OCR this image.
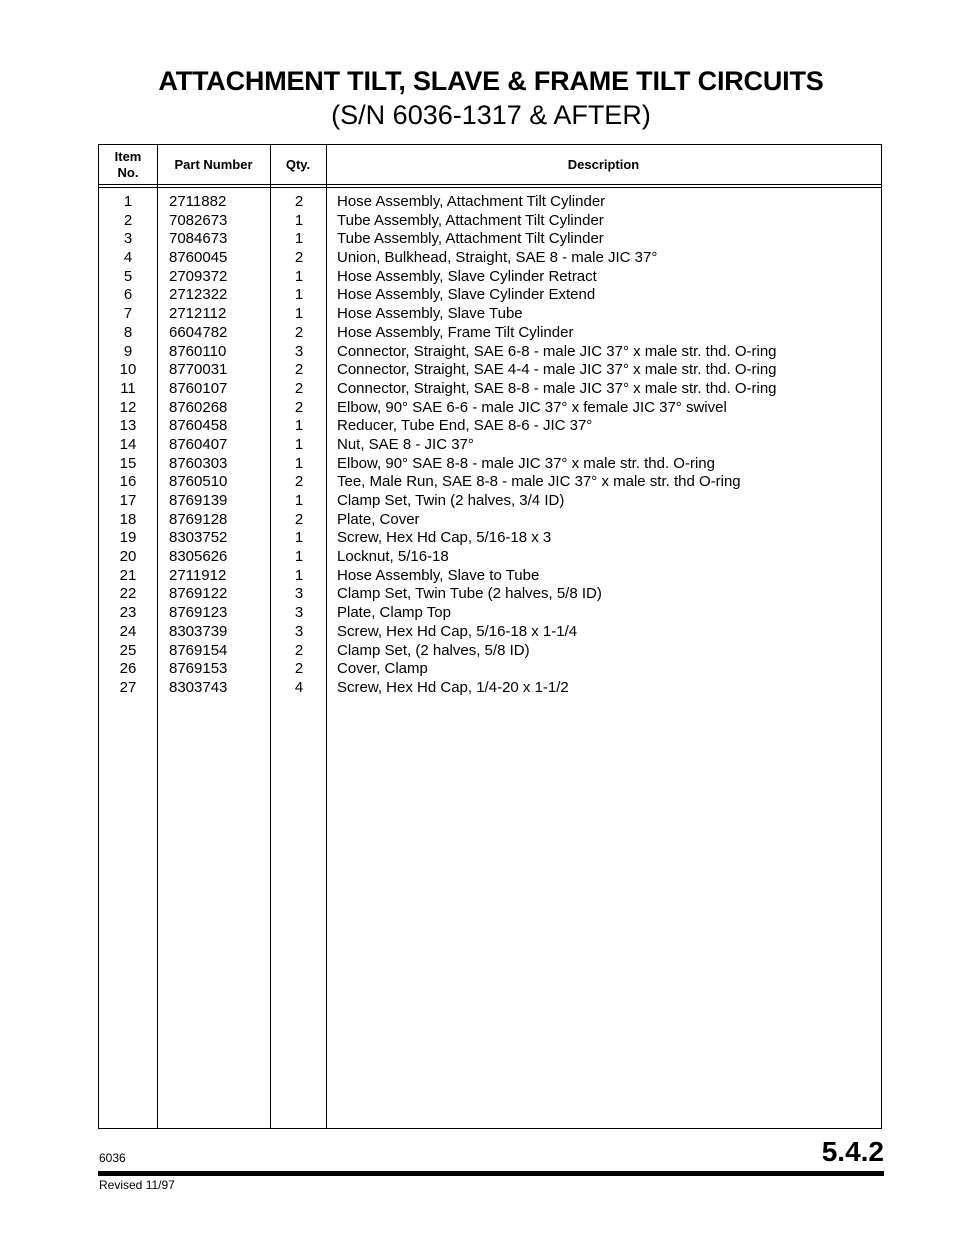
ATTACHMENT TILT, SLAVE & FRAME TILT CIRCUITS
(S/N 6036-1317 & AFTER)
Item
No.
Part Number	Qty.	Description
1	2711882	2	Hose Assembly, Attachment Tilt Cylinder
2	7082673	1	Tube Assembly, Attachment Tilt Cylinder
3	7084673	1	Tube Assembly, Attachment Tilt Cylinder
4	8760045	2	Union, Bulkhead, Straight, SAE 8 - male JIC 37°
5	2709372	1	Hose Assembly, Slave Cylinder Retract
6	2712322	1	Hose Assembly, Slave Cylinder Extend
7	2712112	1	Hose Assembly, Slave Tube
8	6604782	2	Hose Assembly, Frame Tilt Cylinder
9	8760110	3	Connector, Straight, SAE 6-8 - male JIC 37° x male str. thd. O-ring
10	8770031	2	Connector, Straight, SAE 4-4 - male JIC 37° x male str. thd. O-ring
11	8760107	2	Connector, Straight, SAE 8-8 - male JIC 37° x male str. thd. O-ring
12	8760268	2	Elbow, 90° SAE 6-6 - male JIC 37° x female JIC 37° swivel
13	8760458	1	Reducer, Tube End, SAE 8-6 - JIC 37°
14	8760407	1	Nut, SAE 8 - JIC 37°
15	8760303	1	Elbow, 90° SAE 8-8 - male JIC 37° x male str. thd. O-ring
16	8760510	2	Tee, Male Run, SAE 8-8 - male JIC 37° x male str. thd O-ring
17	8769139	1	Clamp Set, Twin (2 halves, 3/4 ID)
18	8769128	2	Plate, Cover
19	8303752	1	Screw, Hex Hd Cap, 5/16-18 x 3
20	8305626	1	Locknut, 5/16-18
21	2711912	1	Hose Assembly, Slave to Tube
22	8769122	3	Clamp Set, Twin Tube (2 halves, 5/8 ID)
23	8769123	3	Plate, Clamp Top
24	8303739	3	Screw, Hex Hd Cap, 5/16-18 x 1-1/4
25	8769154	2	Clamp Set, (2 halves, 5/8 ID)
26	8769153	2	Cover, Clamp
27	8303743	4	Screw, Hex Hd Cap, 1/4-20 x 1-1/2
6036	5.4.2
Revised 11/97
